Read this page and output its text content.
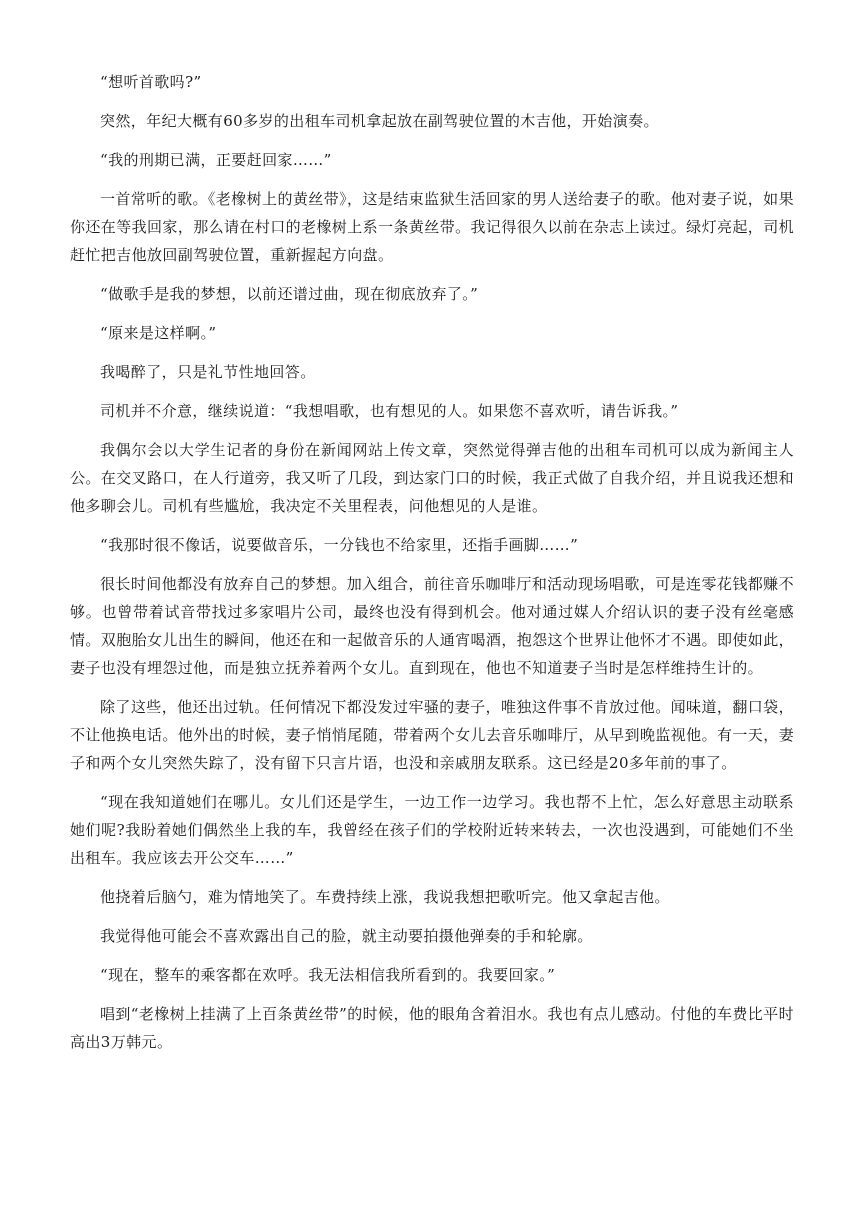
“想听首歌吗?”

突然，年纪大概有60多岁的出租车司机拿起放在副驾驶位置的木吉他，开始演奏。

“我的刑期已满，正要赶回家……”

一首常听的歌。《老橡树上的黄丝带》，这是结束监狱生活回家的男人送给妻子的歌。他对妻子说，如果你还在等我回家，那么请在村口的老橡树上系一条黄丝带。我记得很久以前在杂志上读过。绿灯亮起，司机赶忙把吉他放回副驾驶位置，重新握起方向盘。

“做歌手是我的梦想，以前还谱过曲，现在彻底放弃了。”

“原来是这样啊。”

我喝醉了，只是礼节性地回答。

司机并不介意，继续说道：“我想唱歌，也有想见的人。如果您不喜欢听，请告诉我。”

我偶尔会以大学生记者的身份在新闻网站上传文章，突然觉得弹吉他的出租车司机可以成为新闻主人公。在交叉路口，在人行道旁，我又听了几段，到达家门口的时候，我正式做了自我介绍，并且说我还想和他多聊会儿。司机有些尴尬，我决定不关里程表，问他想见的人是谁。

“我那时很不像话，说要做音乐，一分钱也不给家里，还指手画脚……”

很长时间他都没有放弃自己的梦想。加入组合，前往音乐咖啡厅和活动现场唱歌，可是连零花钱都赚不够。也曾带着试音带找过多家唱片公司，最终也没有得到机会。他对通过媒人介绍认识的妻子没有丝毫感情。双胞胎女儿出生的瞬间，他还在和一起做音乐的人通宵喝酒，抱怨这个世界让他怀才不遇。即使如此，妻子也没有埋怨过他，而是独立抚养着两个女儿。直到现在，他也不知道妻子当时是怎样维持生计的。

除了这些，他还出过轨。任何情况下都没发过牢骚的妻子，唯独这件事不肯放过他。闻味道，翻口袋，不让他换电话。他外出的时候，妻子悄悄尾随，带着两个女儿去音乐咖啡厅，从早到晚监视他。有一天，妻子和两个女儿突然失踪了，没有留下只言片语，也没和亲戚朋友联系。这已经是20多年前的事了。

“现在我知道她们在哪儿。女儿们还是学生，一边工作一边学习。我也帮不上忙，怎么好意思主动联系她们呢?我盼着她们偶然坐上我的车，我曾经在孩子们的学校附近转来转去，一次也没遇到，可能她们不坐出租车。我应该去开公交车……”

他挠着后脑勺，难为情地笑了。车费持续上涨，我说我想把歌听完。他又拿起吉他。

我觉得他可能会不喜欢露出自己的脸，就主动要拍摄他弹奏的手和轮廓。

“现在，整车的乘客都在欢呼。我无法相信我所看到的。我要回家。”

唱到“老橡树上挂满了上百条黄丝带”的时候，他的眼角含着泪水。我也有点儿感动。付他的车费比平时高出3万韩元。
